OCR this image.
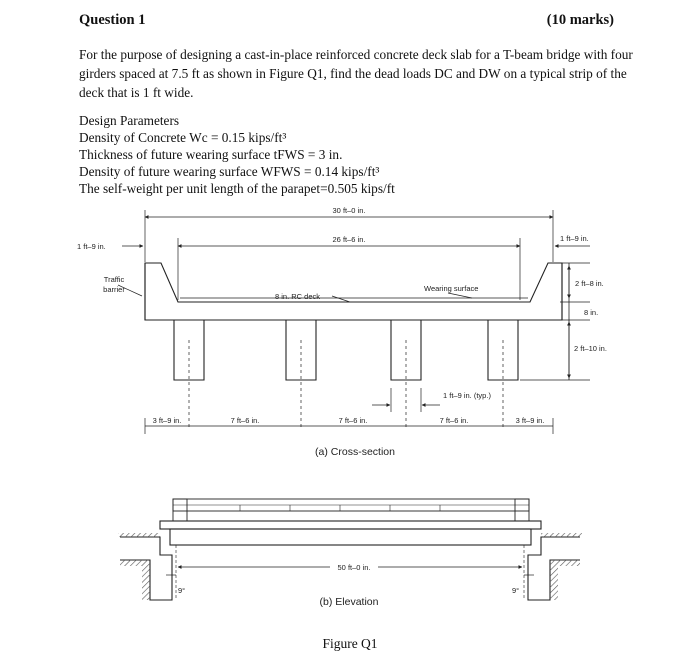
Question 1	(10 marks)

For the purpose of designing a cast-in-place reinforced concrete deck slab for a T-beam bridge with four girders spaced at 7.5 ft as shown in Figure Q1, find the dead loads DC and DW on a typical strip of the deck that is 1 ft wide.

Design Parameters
Density of Concrete Wc = 0.15 kips/ft³
Thickness of future wearing surface tFWS = 3 in.
Density of future wearing surface WFWS = 0.14 kips/ft³
The self-weight per unit length of the parapet=0.505 kips/ft
30 ft–0 in.
26 ft–6 in.
1 ft–9 in.
1 ft–9 in.
Traffic
barrier
8 in. RC deck
Wearing surface
2 ft–8 in.
8 in.
2 ft–10 in.
1 ft–9 in. (typ.)
3 ft–9 in.	7 ft–6 in.	7 ft–6 in.	7 ft–6 in.	3 ft–9 in.
(a) Cross-section
50 ft–0 in.
9°	9°
(b) Elevation
Figure Q1
